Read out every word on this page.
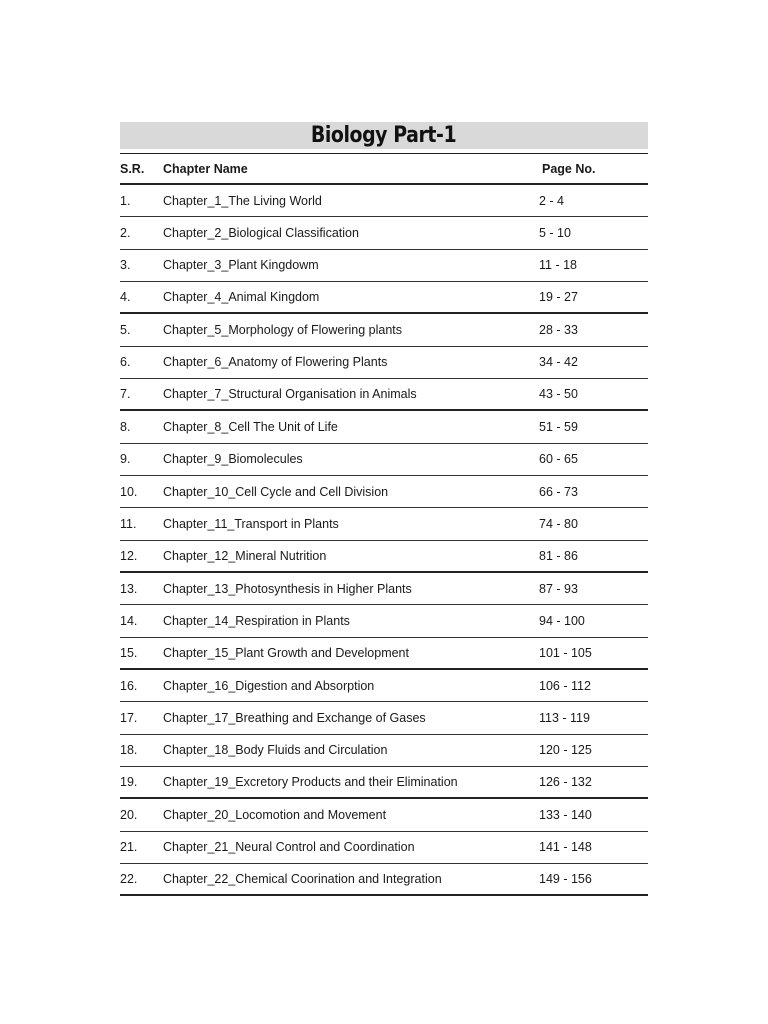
Biology Part-1
S.R.	Chapter Name	Page No.
1.	Chapter_1_The Living World	2 - 4
2.	Chapter_2_Biological Classification	5 - 10
3.	Chapter_3_Plant Kingdowm	11 - 18
4.	Chapter_4_Animal Kingdom	19 - 27
5.	Chapter_5_Morphology of Flowering plants	28 - 33
6.	Chapter_6_Anatomy of Flowering Plants	34 - 42
7.	Chapter_7_Structural Organisation in Animals	43 - 50
8.	Chapter_8_Cell The Unit of Life	51 - 59
9.	Chapter_9_Biomolecules	60 - 65
10.	Chapter_10_Cell Cycle and Cell Division	66 - 73
11.	Chapter_11_Transport in Plants	74 - 80
12.	Chapter_12_Mineral Nutrition	81 - 86
13.	Chapter_13_Photosynthesis in Higher Plants	87 - 93
14.	Chapter_14_Respiration in Plants	94 - 100
15.	Chapter_15_Plant Growth and Development	101 - 105
16.	Chapter_16_Digestion and Absorption	106 - 112
17.	Chapter_17_Breathing and Exchange of Gases	113 - 119
18.	Chapter_18_Body Fluids and Circulation	120 - 125
19.	Chapter_19_Excretory Products and their Elimination	126 - 132
20.	Chapter_20_Locomotion and Movement	133 - 140
21.	Chapter_21_Neural Control and Coordination	141 - 148
22.	Chapter_22_Chemical Coorination and Integration	149 - 156
